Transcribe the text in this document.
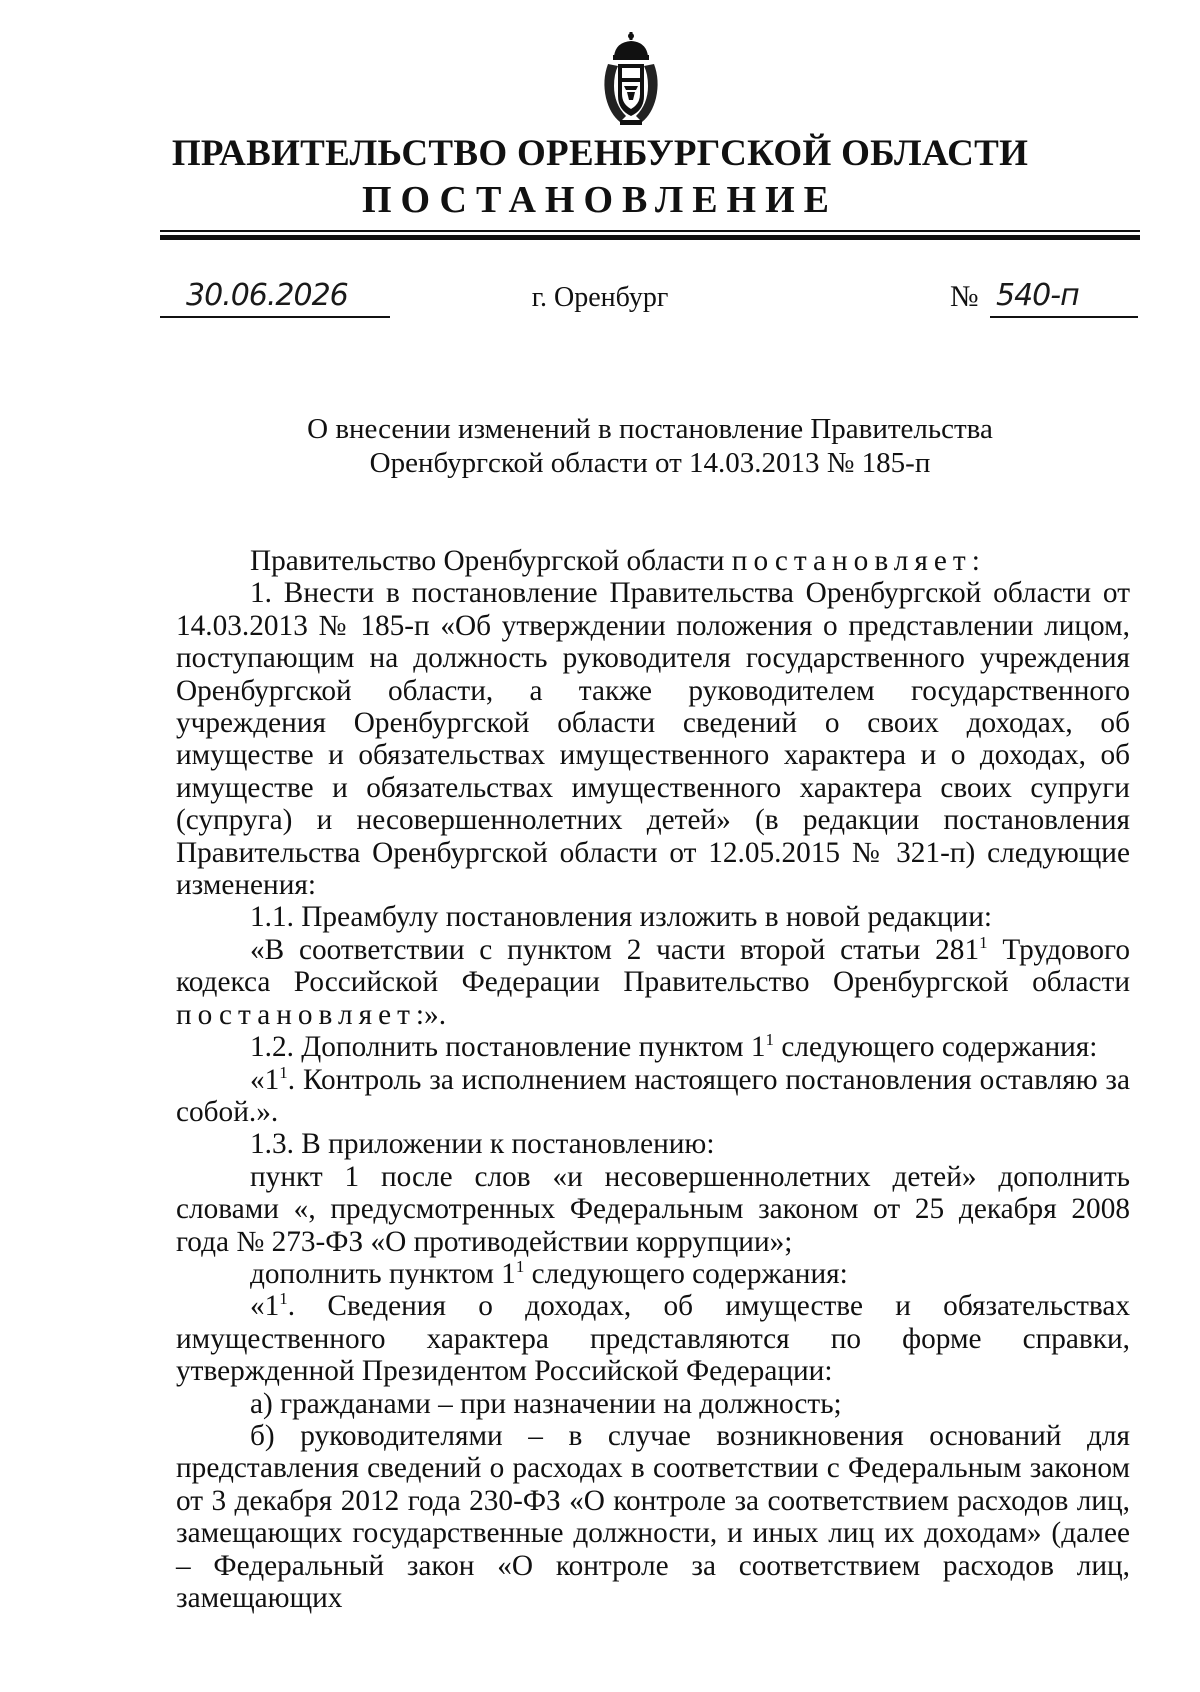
ПРАВИТЕЛЬСТВО ОРЕНБУРГСКОЙ ОБЛАСТИ
ПОСТАНОВЛЕНИЕ
30.06.2026	г. Оренбург	№ 540-п
О внесении изменений в постановление Правительства
Оренбургской области от 14.03.2013 № 185-п

Правительство Оренбургской области постановляет:

1. Внести в постановление Правительства Оренбургской области от 14.03.2013 № 185-п «Об утверждении положения о представлении лицом, поступающим на должность руководителя государственного учреждения Оренбургской области, а также руководителем государственного учреждения Оренбургской области сведений о своих доходах, об имуществе и обязательствах имущественного характера и о доходах, об имуществе и обязательствах имущественного характера своих супруги (супруга) и несовершеннолетних детей» (в редакции постановления Правительства Оренбургской области от 12.05.2015 № 321-п) следующие изменения:

1.1. Преамбулу постановления изложить в новой редакции:

«В соответствии с пунктом 2 части второй статьи $281^1$ Трудового кодекса Российской Федерации Правительство Оренбургской области постановляет:».

1.2. Дополнить постановление пунктом $1^1$ следующего содержания:

«$1^1$. Контроль за исполнением настоящего постановления оставляю за собой.».

1.3. В приложении к постановлению:

пункт 1 после слов «и несовершеннолетних детей» дополнить словами «, предусмотренных Федеральным законом от 25 декабря 2008 года № 273-ФЗ «О противодействии коррупции»;

дополнить пунктом $1^1$ следующего содержания:

«$1^1$. Сведения о доходах, об имуществе и обязательствах имущественного характера представляются по форме справки, утвержденной Президентом Российской Федерации:

а) гражданами – при назначении на должность;

б) руководителями – в случае возникновения оснований для представления сведений о расходах в соответствии с Федеральным законом от 3 декабря 2012 года 230-ФЗ «О контроле за соответствием расходов лиц, замещающих государственные должности, и иных лиц их доходам» (далее – Федеральный закон «О контроле за соответствием расходов лиц, замещающих
